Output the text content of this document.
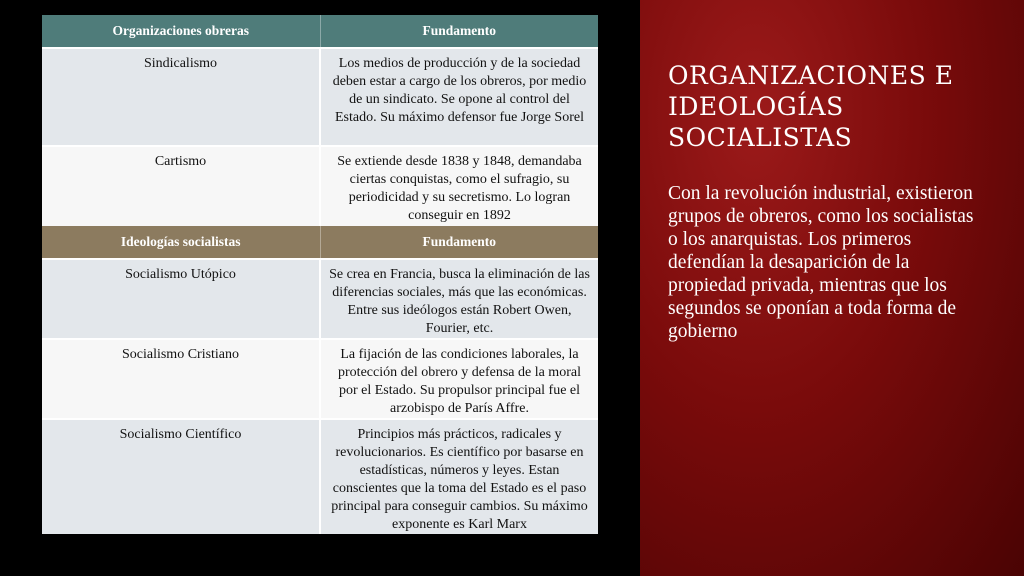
Organizaciones obreras	Fundamento
Sindicalismo	Los medios de producción y de la sociedad deben estar a cargo de los obreros, por medio de un sindicato. Se opone al control del Estado. Su máximo defensor fue Jorge Sorel
Cartismo	Se extiende desde 1838 y 1848, demandaba ciertas conquistas, como el sufragio, su periodicidad y su secretismo. Lo logran conseguir en 1892
Ideologías socialistas	Fundamento
Socialismo Utópico	Se crea en Francia, busca la eliminación de las diferencias sociales, más que las económicas. Entre sus ideólogos están Robert Owen, Fourier, etc.
Socialismo Cristiano	La fijación de las condiciones laborales, la protección del obrero y defensa de la moral por el Estado. Su propulsor principal fue el arzobispo de París Affre.
Socialismo Científico	Principios más prácticos, radicales y revolucionarios. Es científico por basarse en estadísticas, números y leyes. Estan conscientes que la toma del Estado es el paso principal para conseguir cambios. Su máximo exponente es Karl Marx
ORGANIZACIONES E IDEOLOGÍAS SOCIALISTAS

Con la revolución industrial, existieron grupos de obreros, como los socialistas o los anarquistas. Los primeros defendían la desaparición de la propiedad privada, mientras que los segundos se oponían a toda forma de gobierno
